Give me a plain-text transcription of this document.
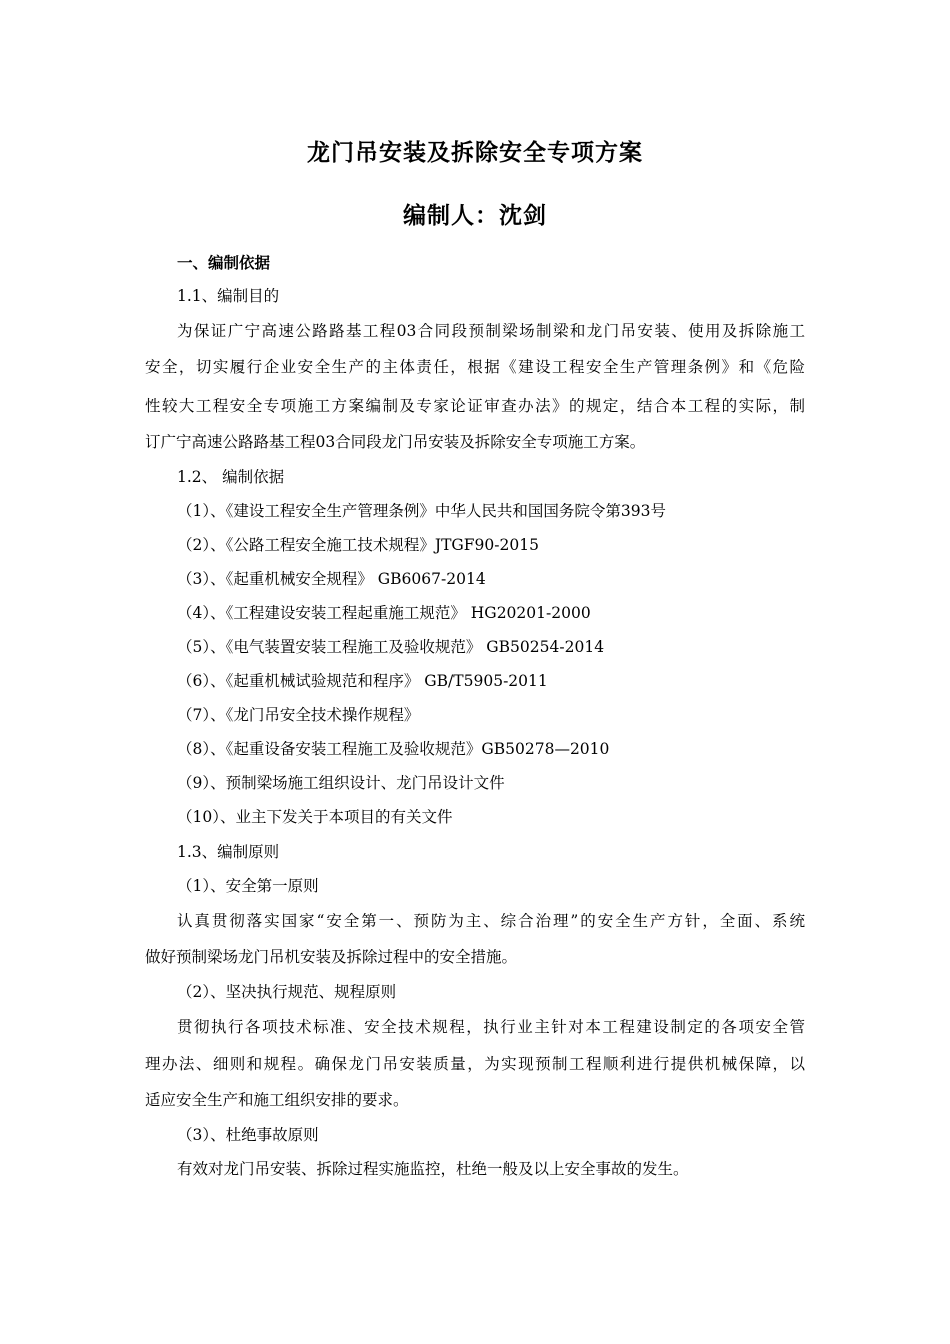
龙门吊安装及拆除安全专项方案
编制人：沈剑
一、编制依据
1.1、编制目的
为保证广宁高速公路路基工程03合同段预制梁场制梁和龙门吊安装、使用及拆除施工
安全，切实履行企业安全生产的主体责任，根据《建设工程安全生产管理条例》和《危险
性较大工程安全专项施工方案编制及专家论证审查办法》的规定，结合本工程的实际，制
订广宁高速公路路基工程03合同段龙门吊安装及拆除安全专项施工方案。
1.2、 编制依据
（1）、《建设工程安全生产管理条例》中华人民共和国国务院令第393号
（2）、《公路工程安全施工技术规程》JTGF90-2015
（3）、《起重机械安全规程》 GB6067-2014
（4）、《工程建设安装工程起重施工规范》 HG20201-2000
（5）、《电气装置安装工程施工及验收规范》 GB50254-2014
（6）、《起重机械试验规范和程序》 GB/T5905-2011
（7）、《龙门吊安全技术操作规程》
（8）、《起重设备安装工程施工及验收规范》GB50278—2010
（9）、预制梁场施工组织设计、龙门吊设计文件
（10）、业主下发关于本项目的有关文件
1.3、编制原则
（1）、安全第一原则
认真贯彻落实国家“安全第一、预防为主、综合治理”的安全生产方针，全面、系统
做好预制梁场龙门吊机安装及拆除过程中的安全措施。
（2）、坚决执行规范、规程原则
贯彻执行各项技术标准、安全技术规程，执行业主针对本工程建设制定的各项安全管
理办法、细则和规程。确保龙门吊安装质量，为实现预制工程顺利进行提供机械保障，以
适应安全生产和施工组织安排的要求。
（3）、杜绝事故原则
有效对龙门吊安装、拆除过程实施监控，杜绝一般及以上安全事故的发生。
